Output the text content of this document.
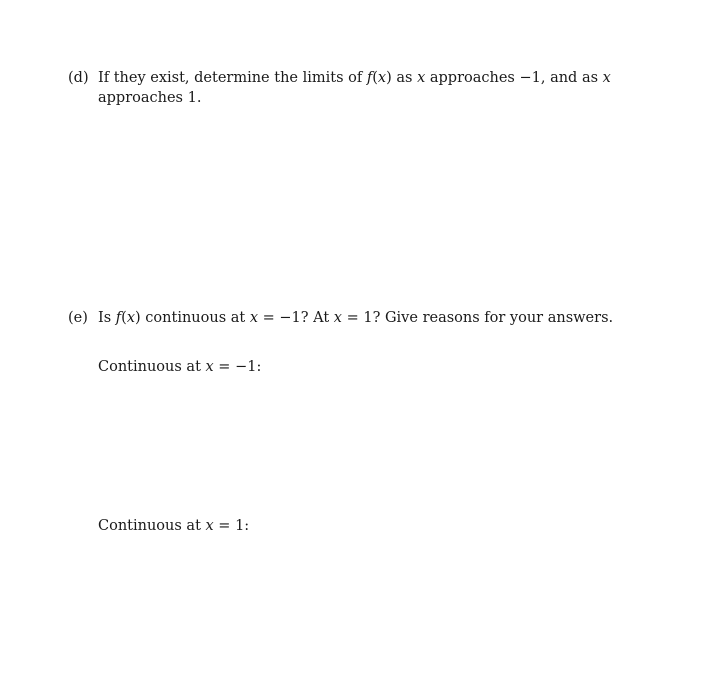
(d) If they exist, determine the limits of f(x) as x approaches −1, and as x approaches 1.
(e) Is f(x) continuous at x = −1? At x = 1? Give reasons for your answers.
Continuous at x = −1:
Continuous at x = 1:
